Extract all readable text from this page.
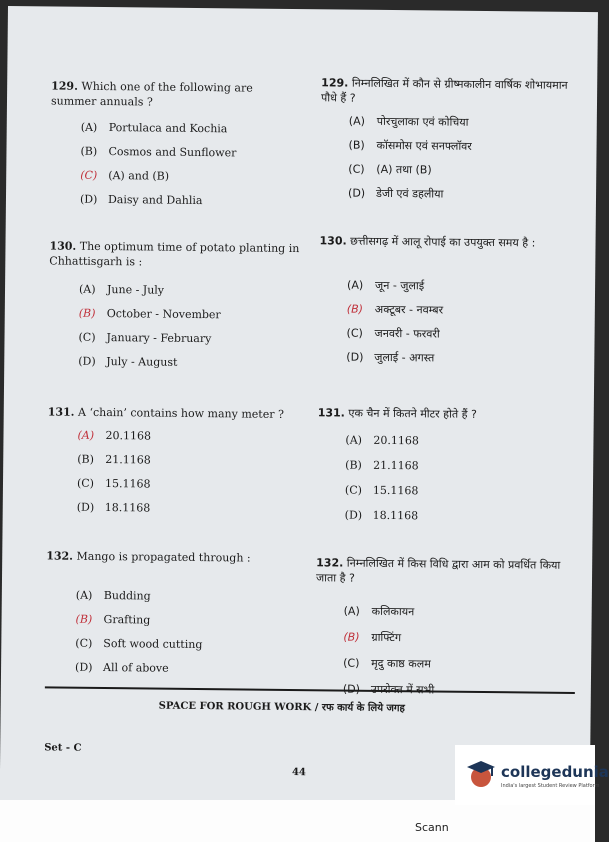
129. Which one of the following are summer annuals ?
(A) Portulaca and Kochia
(B) Cosmos and Sunflower
(C) (A) and (B)
(D) Daisy and Dahlia
129. निम्नलिखित में कौन से ग्रीष्मकालीन वार्षिक शोभायमान पौधे हैं ?
(A) पोरचुलाका एवं कोचिया
(B) कॉसमोस एवं सनफ्लॉवर
(C) (A) तथा (B)
(D) डेजी एवं डहलीया
130. The optimum time of potato planting in Chhattisgarh is :
(A) June - July
(B) October - November
(C) January - February
(D) July - August
130. छत्तीसगढ़ में आलू रोपाई का उपयुक्त समय है :
(A) जून - जुलाई
(B) अक्टूबर - नवम्बर
(C) जनवरी - फरवरी
(D) जुलाई - अगस्त
131. A ‘chain’ contains how many meter ?
(A) 20.1168
(B) 21.1168
(C) 15.1168
(D) 18.1168
131. एक चैन में कितने मीटर होते हैं ?
(A) 20.1168
(B) 21.1168
(C) 15.1168
(D) 18.1168
132. Mango is propagated through :
(A) Budding
(B) Grafting
(C) Soft wood cutting
(D) All of above
132. निम्नलिखित में किस विधि द्वारा आम को प्रवर्धित किया जाता है ?
(A) कलिकायन
(B) ग्राफ्टिंग
(C) मृदु काष्ठ कलम
SPACE FOR ROUGH WORK / रफ कार्य के लिये जगह
Set - C
44
Scann
collegedunia
India's largest Student Review Platform
